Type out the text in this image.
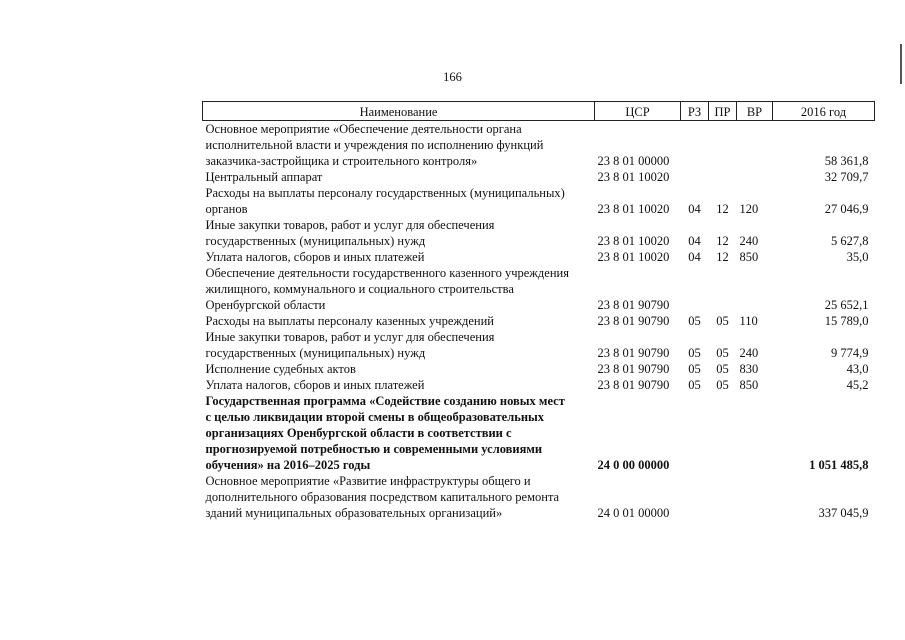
166
Наименование	ЦСР	РЗ	ПР	ВР	2016 год
Основное мероприятие «Обеспечение деятельности органа
исполнительной власти и учреждения по исполнению функций
заказчика-застройщика и строительного контроля»	23 8 01 00000				58 361,8
Центральный аппарат	23 8 01 10020				32 709,7
Расходы на выплаты персоналу государственных (муниципальных)
органов	23 8 01 10020	04	12	120	27 046,9
Иные закупки товаров, работ и услуг для обеспечения
государственных (муниципальных) нужд	23 8 01 10020	04	12	240	5 627,8
Уплата налогов, сборов и иных платежей	23 8 01 10020	04	12	850	35,0
Обеспечение деятельности государственного казенного учреждения
жилищного, коммунального и социального строительства
Оренбургской области	23 8 01 90790				25 652,1
Расходы на выплаты персоналу казенных учреждений	23 8 01 90790	05	05	110	15 789,0
Иные закупки товаров, работ и услуг для обеспечения
государственных (муниципальных) нужд	23 8 01 90790	05	05	240	9 774,9
Исполнение судебных актов	23 8 01 90790	05	05	830	43,0
Уплата налогов, сборов и иных платежей	23 8 01 90790	05	05	850	45,2
Государственная программа «Содействие созданию новых мест
с целью ликвидации второй смены в общеобразовательных
организациях Оренбургской области в соответствии с
прогнозируемой потребностью и современными условиями
обучения» на 2016–2025 годы	24 0 00 00000				1 051 485,8
Основное мероприятие «Развитие инфраструктуры общего и
дополнительного образования посредством капитального ремонта
зданий муниципальных образовательных организаций»	24 0 01 00000				337 045,9
